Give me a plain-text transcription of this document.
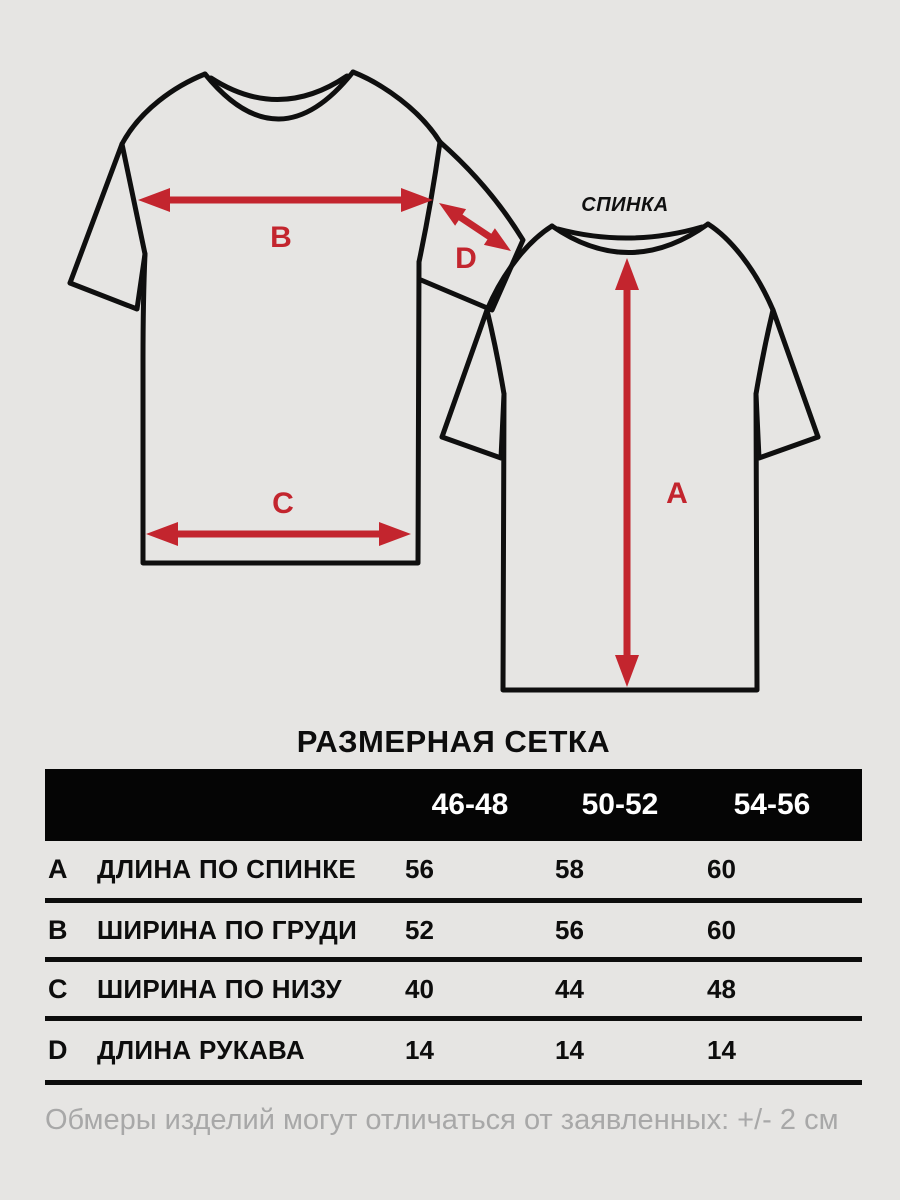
B
C
D
A
СПИНКА
РАЗМЕРНАЯ СЕТКА
46-48	50-52	54-56
A	ДЛИНА ПО СПИНКЕ 56	58	60
B	ШИРИНА ПО ГРУДИ 52	56	60
C	ШИРИНА ПО НИЗУ 40	44	48
D	ДЛИНА РУКАВА	14	14	14
Обмеры изделий могут отличаться от заявленных: +/- 2 см
